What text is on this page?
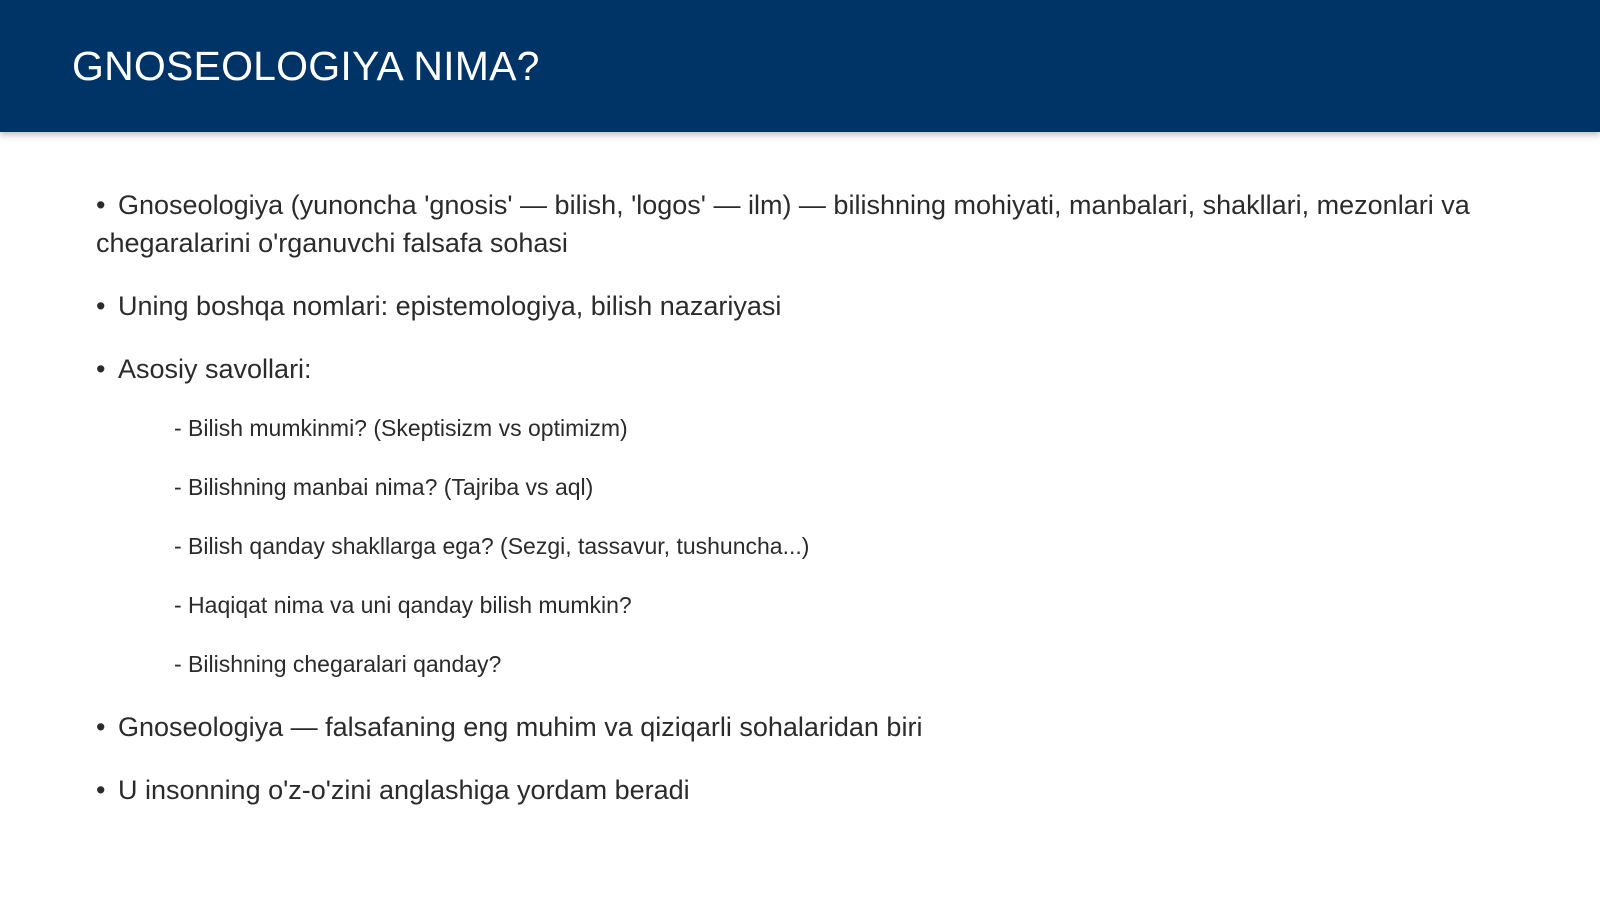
GNOSEOLOGIYA NIMA?

• Gnoseologiya (yunoncha 'gnosis' — bilish, 'logos' — ilm) — bilishning mohiyati, manbalari, shakllari, mezonlari va chegaralarini o'rganuvchi falsafa sohasi

• Uning boshqa nomlari: epistemologiya, bilish nazariyasi

• Asosiy savollari:

- Bilish mumkinmi? (Skeptisizm vs optimizm)

- Bilishning manbai nima? (Tajriba vs aql)

- Bilish qanday shakllarga ega? (Sezgi, tassavur, tushuncha...)

- Haqiqat nima va uni qanday bilish mumkin?

- Bilishning chegaralari qanday?

• Gnoseologiya — falsafaning eng muhim va qiziqarli sohalaridan biri

• U insonning o'z-o'zini anglashiga yordam beradi
